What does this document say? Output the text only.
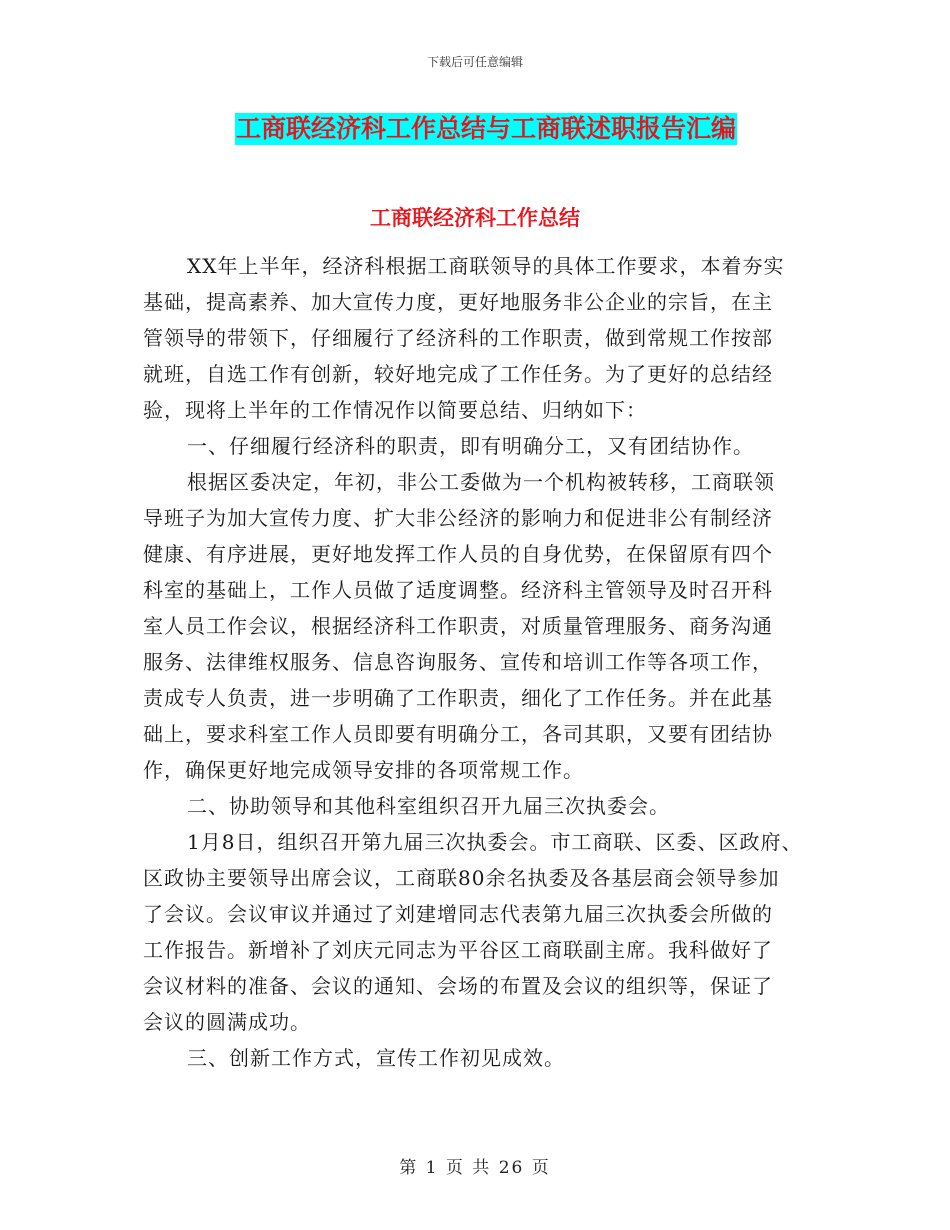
下载后可任意编辑
工商联经济科工作总结与工商联述职报告汇编
工商联经济科工作总结

XX年上半年，经济科根据工商联领导的具体工作要求，本着夯实
基础，提高素养、加大宣传力度，更好地服务非公企业的宗旨，在主
管领导的带领下，仔细履行了经济科的工作职责，做到常规工作按部
就班，自选工作有创新，较好地完成了工作任务。为了更好的总结经
验，现将上半年的工作情况作以简要总结、归纳如下：

一、仔细履行经济科的职责，即有明确分工，又有团结协作。

根据区委决定，年初，非公工委做为一个机构被转移，工商联领
导班子为加大宣传力度、扩大非公经济的影响力和促进非公有制经济
健康、有序进展，更好地发挥工作人员的自身优势，在保留原有四个
科室的基础上，工作人员做了适度调整。经济科主管领导及时召开科
室人员工作会议，根据经济科工作职责，对质量管理服务、商务沟通
服务、法律维权服务、信息咨询服务、宣传和培训工作等各项工作，
责成专人负责，进一步明确了工作职责，细化了工作任务。并在此基
础上，要求科室工作人员即要有明确分工，各司其职，又要有团结协
作，确保更好地完成领导安排的各项常规工作。

二、协助领导和其他科室组织召开九届三次执委会。

1月8日，组织召开第九届三次执委会。市工商联、区委、区政府、
区政协主要领导出席会议，工商联80余名执委及各基层商会领导参加
了会议。会议审议并通过了刘建增同志代表第九届三次执委会所做的
工作报告。新增补了刘庆元同志为平谷区工商联副主席。我科做好了
会议材料的准备、会议的通知、会场的布置及会议的组织等，保证了
会议的圆满成功。

三、创新工作方式，宣传工作初见成效。

第 1 页 共 26 页
